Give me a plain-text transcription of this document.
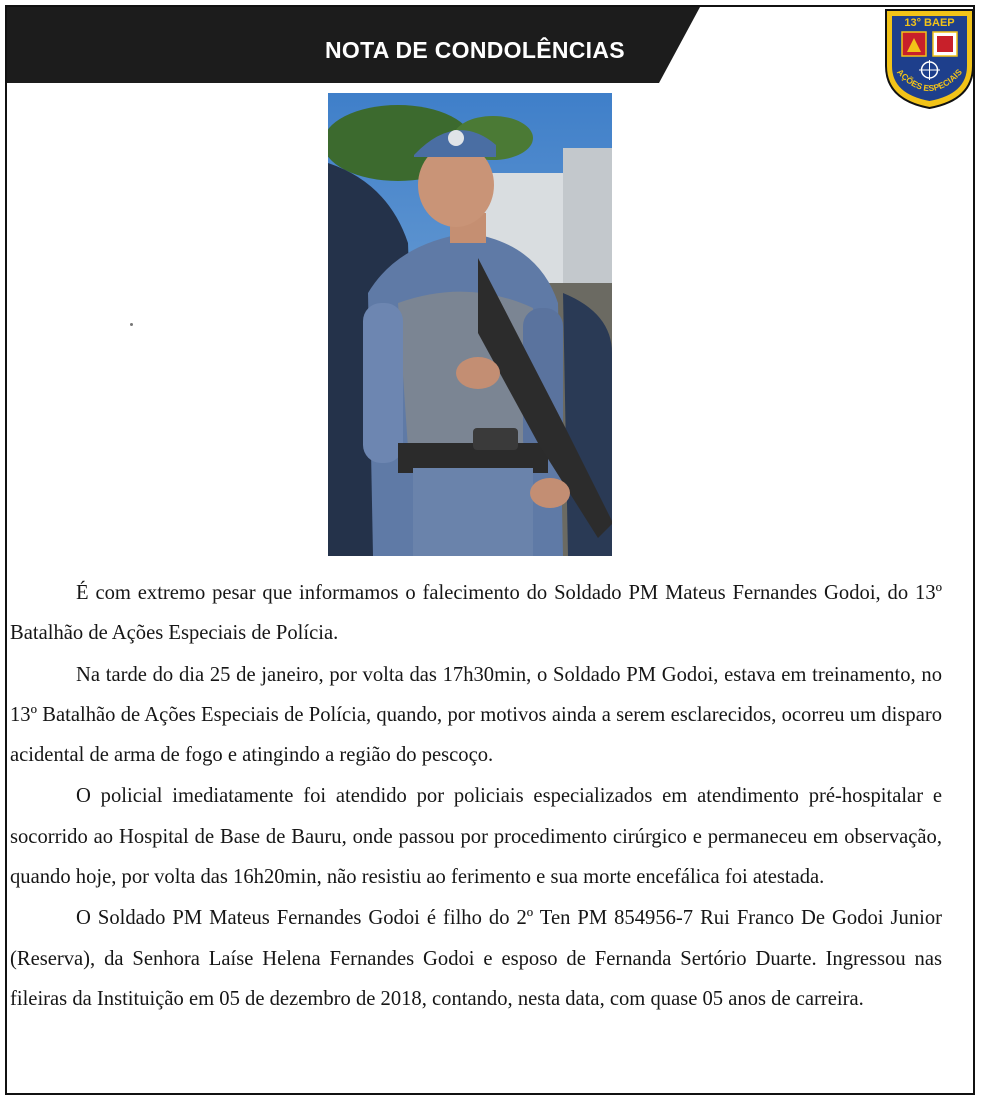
NOTA DE CONDOLÊNCIAS
13° BAEP
AÇÕES ESPECIAIS

É com extremo pesar que informamos o falecimento do Soldado PM Mateus Fernandes Godoi, do 13º Batalhão de Ações Especiais de Polícia.

Na tarde do dia 25 de janeiro, por volta das 17h30min, o Soldado PM Godoi, estava em treinamento, no 13º Batalhão de Ações Especiais de Polícia, quando, por motivos ainda a serem esclarecidos, ocorreu um disparo acidental de arma de fogo e atingindo a região do pescoço.

O policial imediatamente foi atendido por policiais especializados em atendimento pré-hospitalar e socorrido ao Hospital de Base de Bauru, onde passou por procedimento cirúrgico e permaneceu em observação, quando hoje, por volta das 16h20min, não resistiu ao ferimento e sua morte encefálica foi atestada.

O Soldado PM Mateus Fernandes Godoi é filho do 2º Ten PM 854956-7 Rui Franco De Godoi Junior (Reserva), da Senhora Laíse Helena Fernandes Godoi e esposo de Fernanda Sertório Duarte. Ingressou nas fileiras da Instituição em 05 de dezembro de 2018, contando, nesta data, com quase 05 anos de carreira.
